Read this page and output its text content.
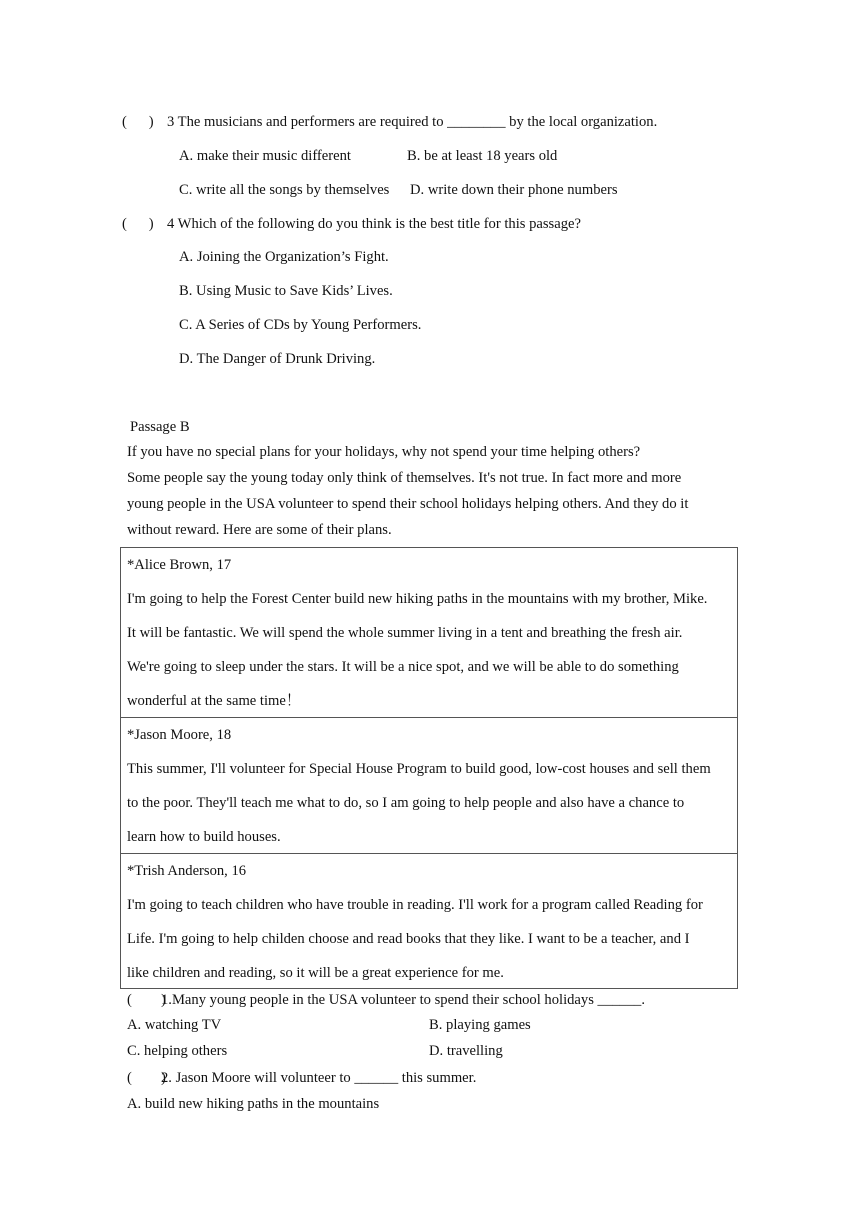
(      ) 3 The musicians and performers are required to ________ by the local organization.
A. make their music different	B. be at least 18 years old
C. write all the songs by themselves D. write down their phone numbers
(      ) 4 Which of the following do you think is the best title for this passage?
A. Joining the Organization’s Fight.
B. Using Music to Save Kids’ Lives.
C. A Series of CDs by Young Performers.
D. The Danger of Drunk Driving.
Passage B
If you have no special plans for your holidays, why not spend your time helping others?
Some people say the young today only think of themselves. It's not true. In fact more and more
young people in the USA volunteer to spend their school holidays helping others. And they do it
without reward. Here are some of their plans.
*Alice Brown, 17
I'm going to help the Forest Center build new hiking paths in the mountains with my brother, Mike.
It will be fantastic. We will spend the whole summer living in a tent and breathing the fresh air.
We're going to sleep under the stars. It will be a nice spot, and we will be able to do something
wonderful at the same time！
*Jason Moore, 18
This summer, I'll volunteer for Special House Program to build good, low-cost houses and sell them
to the poor. They'll teach me what to do, so I am going to help people and also have a chance to
learn how to build houses.
*Trish Anderson, 16
I'm going to teach children who have trouble in reading. I'll work for a program called Reading for
Life. I'm going to help childen choose and read books that they like. I want to be a teacher, and I
like children and reading, so it will be a great experience for me.
(        )
1.Many young people in the USA volunteer to spend their school holidays ______.
A. watching TV	B. playing games
C. helping others	D. travelling
(        )
2. Jason Moore will volunteer to ______ this summer.
A. build new hiking paths in the mountains
